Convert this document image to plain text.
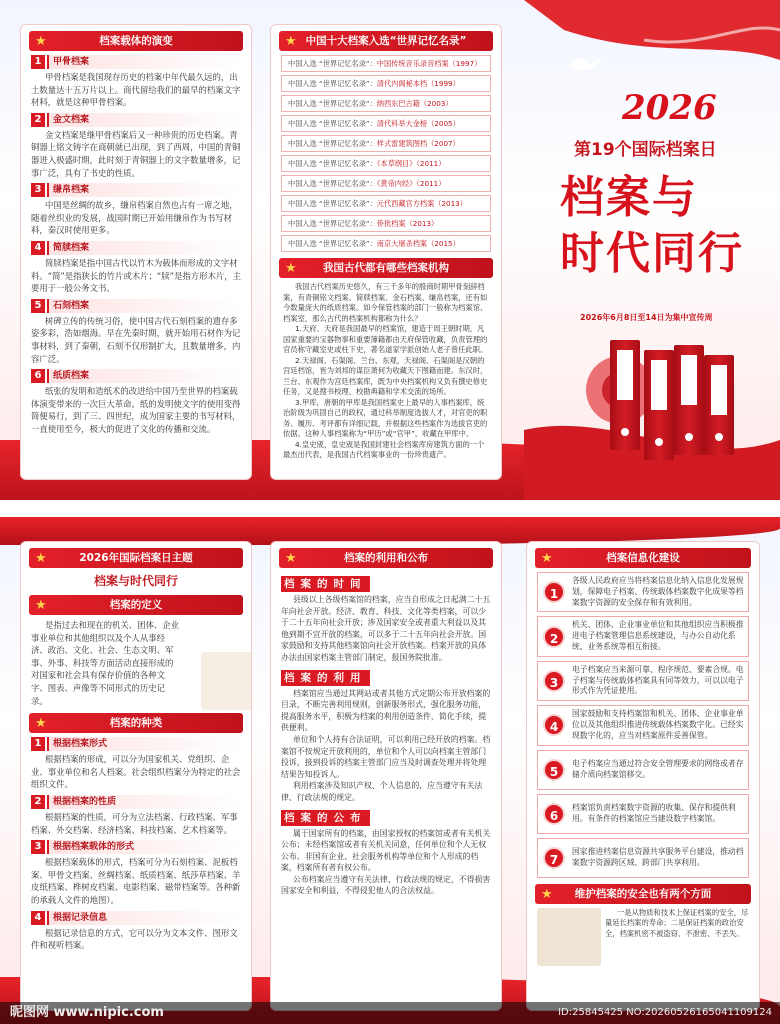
★	档案载体的演变
1	甲骨档案
甲骨档案是我国现存历史的档案中年代最久远的，出土数量达十五万片以上。商代留给我们的最早的档案文字材料，就是这种甲骨档案。
2	金文档案
金文档案是继甲骨档案后又一种珍贵的历史档案。青铜器上铭文铸字在商朝就已出现，到了西周，中国的青铜器进入极盛时期，此时刻于青铜器上的文字数量增多，记事广泛，具有了书史的性质。
3	缣帛档案
中国是丝绸的故乡，缣帛档案自然也占有一席之地，随着丝织业的发展，战国时期已开始用缣帛作为书写材料，秦汉时使用更多。
4	简牍档案
简牍档案是指中国古代以竹木为载体而形成的文字材料。“简”是指狭长的竹片或木片；“牍”是指方形木片，主要用于一般公务文书。
5	石刻档案
树碑立传的传统习俗，使中国古代石刻档案的遗存多姿多彩，浩如烟海。早在先秦时期，就开始用石材作为记事材料，到了秦朝，石刻不仅形制扩大，且数量增多，内容广泛。
6	纸质档案
纸张的发明和造纸术的改进给中国乃至世界的档案载体演变带来的一次巨大革命。纸的发明使文字的使用变得简便易行，到了三、四世纪，成为国家主要的书写材料，一直使用至今，极大的促进了文化的传播和交流。
★ 中国十大档案入选“世界记忆名录”
中国入选 “世界记忆名录”：中国传统音乐录音档案（1997）
中国入选 “世界记忆名录”：清代内阁秘本档（1999）
中国入选 “世界记忆名录”：纳西东巴古籍（2003）
中国入选 “世界记忆名录”：清代科举大金榜（2005）
中国入选 “世界记忆名录”：样式雷建筑图档（2007）
中国入选 “世界记忆名录”：《本草纲目》（2011）
中国入选 “世界记忆名录”：《黄帝内经》（2011）
中国入选 “世界记忆名录”：元代西藏官方档案（2013）
中国入选 “世界记忆名录”：侨批档案（2013）
中国入选 “世界记忆名录”：南京大屠杀档案（2015）
★	我国古代都有哪些档案机构
我国古代档案历史悠久，有三千多年的殷商时期甲骨刻辞档案，有青铜铭文档案、简牍档案、金石档案、缣帛档案，还有如今数量庞大的纸质档案。如今保管档案的部门一般称为档案馆、档案室，那么古代的档案机构都称为什么？
1.天府、天府是我国最早的档案馆，建造于周王朝时期，凡国家重要的宝器物事和重要簿籍都由天府保管收藏，负责管理的官员称守藏室史或柱下史，著名道家学派创始人老子曾任此职。
2.天禄阁、石渠阁、兰台、东观，天禄阁、石渠阁是汉朝的宫廷档馆，皆为刘邦的谋臣萧何为收藏天下图籍而建。东汉时，兰台、东观作为宫廷档案库，既为中央档案机构又负有撰史修史任务，又是搜书校理、校勘典籍和学术交流的场所。
3.甲库，唐朝的甲库是我国档案史上最早的人事档案库，统治阶级为巩固自己的政权，通过科举制度选拔人才，对官吏的职务、履历、考评都有详细记载，并根据这些档案作为选拔官吏的依据。这种人事档案称为“甲历”或“官甲”，收藏在甲库中。
4.皇史宬，皇史宬是我国封建社会档案库房建筑方面的一个最杰出代表，是我国古代档案事业的一份珍贵遗产。
2026
第19个国际档案日
档案与
时代同行
2026年6月8日至14日为集中宣传周
★	2026年国际档案日主题
档案与时代同行
★	档案的定义
是指过去和现在的机关、团体、企业事业单位和其他组织以及个人从事经济、政治、文化、社会、生态文明、军事、外事、科技等方面活动直接形成的对国家和社会具有保存价值的各种文字、图表、声像等不同形式的历史记录。
★	档案的种类
1	根据档案形式
根据档案的形成，可以分为国家机关、党组织、企业、事业单位和名人档案。社会组织档案分为特定的社会组织文件。
2	根据档案的性质
根据档案的性质，可分为立法档案、行政档案、军事档案、外交档案、经济档案、科技档案、艺术档案等。
3	根据档案载体的形式
根据档案载体的形式，档案可分为石刻档案、泥板档案、甲骨文档案、丝绸档案、纸质档案、纸莎草档案、羊皮纸档案、桦树皮档案、电影档案、磁带档案等。各种新的承载人文件的地图）。
4	根据记录信息
根据记录信息的方式，它可以分为文本文件、图形文件和视听档案。
★	档案的利用和公布
档案的时间
县级以上各级档案馆的档案，应当自形成之日起满二十五年向社会开放。经济、教育、科技、文化等类档案，可以少于二十五年向社会开放；涉及国家安全或者重大利益以及其他到期不宜开放的档案，可以多于二十五年向社会开放。国家鼓励和支持其他档案馆向社会开放档案。档案开放的具体办法由国家档案主管部门制定，报国务院批准。
档案的利用
档案馆应当通过其网站或者其他方式定期公布开放档案的目录，不断完善利用规则，创新服务形式，强化服务功能，提高服务水平，积极为档案的利用创造条件，简化手续，提供便利。
单位和个人持有合法证明，可以利用已经开放的档案。档案馆不按规定开放利用的，单位和个人可以向档案主管部门投诉，接到投诉的档案主管部门应当及时调查处理并将处理结果告知投诉人。
利用档案涉及知识产权、个人信息的，应当遵守有关法律、行政法规的规定。
档案的公布
属于国家所有的档案，由国家授权的档案馆或者有关机关公布；未经档案馆或者有关机关同意，任何单位和个人无权公布。非国有企业、社会服务机构等单位和个人形成的档案，档案所有者有权公布。
公布档案应当遵守有关法律、行政法规的规定，不得损害国家安全和利益，不得侵犯他人的合法权益。
★	档案信息化建设
1
各级人民政府应当将档案信息化纳入信息化发展规划，保障电子档案、传统载体档案数字化成果等档案数字资源的安全保存和有效利用。
2
机关、团体、企业事业单位和其他组织应当积极推进电子档案管理信息系统建设，与办公自动化系统、业务系统等相互衔接。
3
电子档案应当来源可靠、程序规范、要素合规。电子档案与传统载体档案具有同等效力，可以以电子形式作为凭证使用。
4
国家鼓励和支持档案馆和机关、团体、企业事业单位以及其他组织推进传统载体档案数字化。已经实现数字化的，应当对档案原件妥善保管。
5
电子档案应当通过符合安全管理要求的网络或者存储介质向档案馆移交。
6
档案馆负责档案数字资源的收集、保存和提供利用。有条件的档案馆应当建设数字档案馆。
7
国家推进档案信息资源共享服务平台建设，推动档案数字资源跨区域、跨部门共享利用。
★ 维护档案的安全也有两个方面
一是从物质和技术上保证档案的安全，尽量延长档案的寿命；二是保证档案的政治安全，档案机密不被盗窃、不泄密、不丢失。
昵图网 www.nipic.com	ID:25845425 NO:20260526165041109124
